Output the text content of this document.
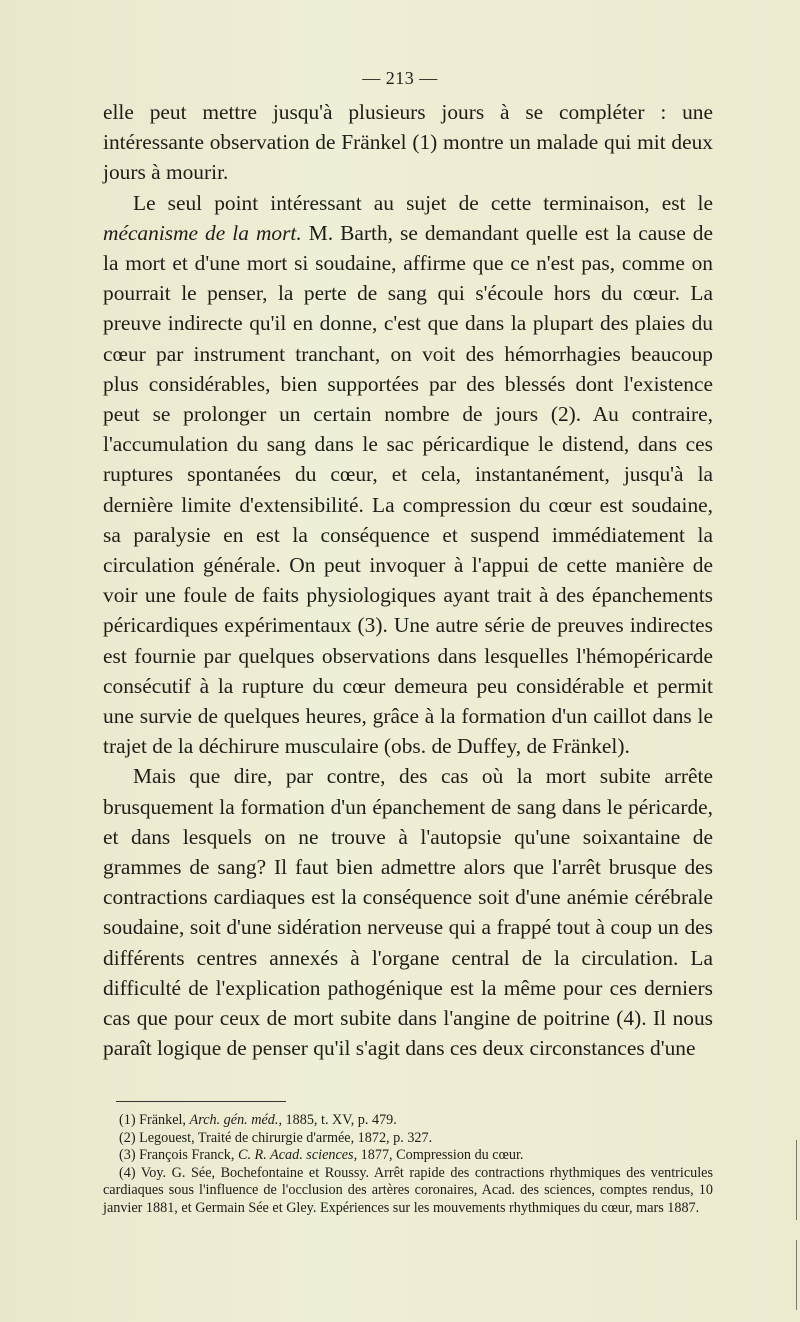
— 213 —

elle peut mettre jusqu'à plusieurs jours à se compléter : une intéressante observation de Fränkel (1) montre un malade qui mit deux jours à mourir.

Le seul point intéressant au sujet de cette terminaison, est le mécanisme de la mort. M. Barth, se demandant quelle est la cause de la mort et d'une mort si soudaine, affirme que ce n'est pas, comme on pourrait le penser, la perte de sang qui s'écoule hors du cœur. La preuve indirecte qu'il en donne, c'est que dans la plupart des plaies du cœur par instrument tranchant, on voit des hémorrhagies beaucoup plus considérables, bien supportées par des blessés dont l'existence peut se prolonger un certain nombre de jours (2). Au contraire, l'accumulation du sang dans le sac péricardique le distend, dans ces ruptures spontanées du cœur, et cela, instantanément, jusqu'à la dernière limite d'extensibilité. La compression du cœur est soudaine, sa paralysie en est la conséquence et suspend immédiatement la circulation générale. On peut invoquer à l'appui de cette manière de voir une foule de faits physiologiques ayant trait à des épanchements péricardiques expérimentaux (3). Une autre série de preuves indirectes est fournie par quelques observations dans lesquelles l'hémopéricarde consécutif à la rupture du cœur demeura peu considérable et permit une survie de quelques heures, grâce à la formation d'un caillot dans le trajet de la déchirure musculaire (obs. de Duffey, de Fränkel).

Mais que dire, par contre, des cas où la mort subite arrête brusquement la formation d'un épanchement de sang dans le péricarde, et dans lesquels on ne trouve à l'autopsie qu'une soixantaine de grammes de sang? Il faut bien admettre alors que l'arrêt brusque des contractions cardiaques est la conséquence soit d'une anémie cérébrale soudaine, soit d'une sidération nerveuse qui a frappé tout à coup un des différents centres annexés à l'organe central de la circulation. La difficulté de l'explication pathogénique est la même pour ces derniers cas que pour ceux de mort subite dans l'angine de poitrine (4). Il nous paraît logique de penser qu'il s'agit dans ces deux circonstances d'une

(1) Fränkel, Arch. gén. méd., 1885, t. XV, p. 479.

(2) Legouest, Traité de chirurgie d'armée, 1872, p. 327.

(3) François Franck, C. R. Acad. sciences, 1877, Compression du cœur.

(4) Voy. G. Sée, Bochefontaine et Roussy. Arrêt rapide des contractions rhythmiques des ventricules cardiaques sous l'influence de l'occlusion des artères coronaires, Acad. des sciences, comptes rendus, 10 janvier 1881, et Germain Sée et Gley. Expériences sur les mouvements rhythmiques du cœur, mars 1887.
